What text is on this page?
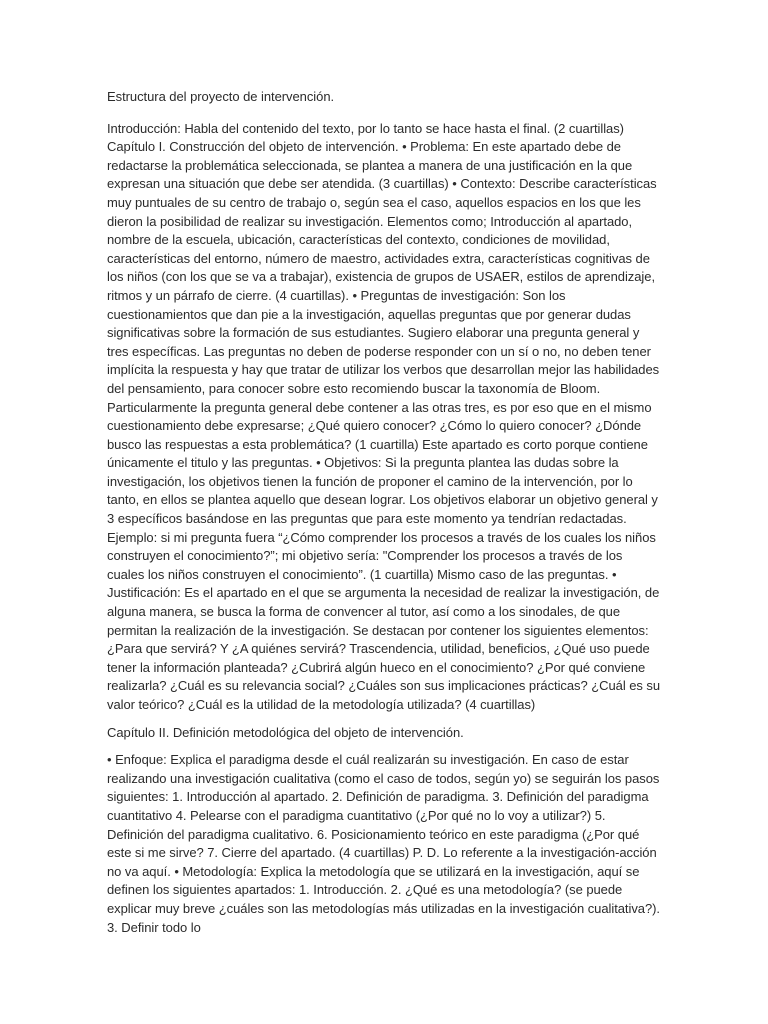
Estructura del proyecto de intervención.

Introducción: Habla del contenido del texto, por lo tanto se hace hasta el final. (2 cuartillas) Capítulo I. Construcción del objeto de intervención. • Problema: En este apartado debe de redactarse la problemática seleccionada, se plantea a manera de una justificación en la que expresan una situación que debe ser atendida. (3 cuartillas) • Contexto: Describe características muy puntuales de su centro de trabajo o, según sea el caso, aquellos espacios en los que les dieron la posibilidad de realizar su investigación. Elementos como; Introducción al apartado, nombre de la escuela, ubicación, características del contexto, condiciones de movilidad, características del entorno, número de maestro, actividades extra, características cognitivas de los niños (con los que se va a trabajar), existencia de grupos de USAER, estilos de aprendizaje, ritmos y un párrafo de cierre. (4 cuartillas). • Preguntas de investigación: Son los cuestionamientos que dan pie a la investigación, aquellas preguntas que por generar dudas significativas sobre la formación de sus estudiantes. Sugiero elaborar una pregunta general y tres específicas. Las preguntas no deben de poderse responder con un sí o no, no deben tener implícita la respuesta y hay que tratar de utilizar los verbos que desarrollan mejor las habilidades del pensamiento, para conocer sobre esto recomiendo buscar la taxonomía de Bloom. Particularmente la pregunta general debe contener a las otras tres, es por eso que en el mismo cuestionamiento debe expresarse; ¿Qué quiero conocer? ¿Cómo lo quiero conocer? ¿Dónde busco las respuestas a esta problemática? (1 cuartilla) Este apartado es corto porque contiene únicamente el titulo y las preguntas. • Objetivos: Si la pregunta plantea las dudas sobre la investigación, los objetivos tienen la función de proponer el camino de la intervención, por lo tanto, en ellos se plantea aquello que desean lograr. Los objetivos elaborar un objetivo general y 3 específicos basándose en las preguntas que para este momento ya tendrían redactadas. Ejemplo: si mi pregunta fuera “¿Cómo comprender los procesos a través de los cuales los niños construyen el conocimiento?”; mi objetivo sería: "Comprender los procesos a través de los cuales los niños construyen el conocimiento”. (1 cuartilla) Mismo caso de las preguntas. • Justificación: Es el apartado en el que se argumenta la necesidad de realizar la investigación, de alguna manera, se busca la forma de convencer al tutor, así como a los sinodales, de que permitan la realización de la investigación. Se destacan por contener los siguientes elementos: ¿Para que servirá? Y ¿A quiénes servirá? Trascendencia, utilidad, beneficios, ¿Qué uso puede tener la información planteada? ¿Cubrirá algún hueco en el conocimiento? ¿Por qué conviene realizarla? ¿Cuál es su relevancia social? ¿Cuáles son sus implicaciones prácticas? ¿Cuál es su valor teórico? ¿Cuál es la utilidad de la metodología utilizada? (4 cuartillas)

Capítulo II. Definición metodológica del objeto de intervención.

• Enfoque: Explica el paradigma desde el cuál realizarán su investigación. En caso de estar realizando una investigación cualitativa (como el caso de todos, según yo) se seguirán los pasos siguientes: 1. Introducción al apartado. 2. Definición de paradigma. 3. Definición del paradigma cuantitativo 4. Pelearse con el paradigma cuantitativo (¿Por qué no lo voy a utilizar?) 5. Definición del paradigma cualitativo. 6. Posicionamiento teórico en este paradigma (¿Por qué este si me sirve? 7. Cierre del apartado. (4 cuartillas) P. D. Lo referente a la investigación-acción no va aquí. • Metodología: Explica la metodología que se utilizará en la investigación, aquí se definen los siguientes apartados: 1. Introducción. 2. ¿Qué es una metodología? (se puede explicar muy breve ¿cuáles son las metodologías más utilizadas en la investigación cualitativa?). 3. Definir todo lo
